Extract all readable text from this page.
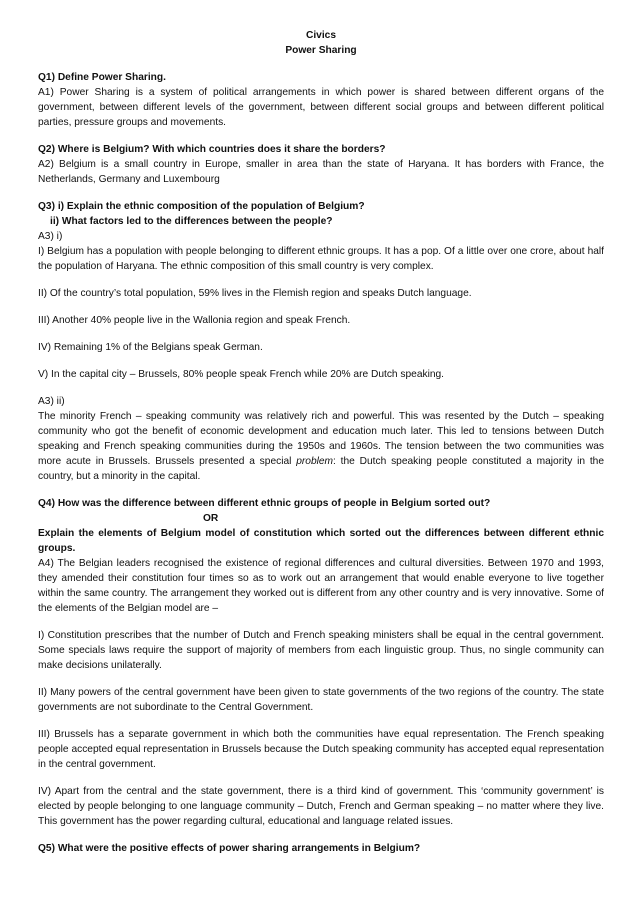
Civics

Power Sharing

Q1) Define Power Sharing.

A1) Power Sharing is a system of political arrangements in which power is shared between different organs of the government, between different levels of the government, between different social groups and between different political parties, pressure groups and movements.

Q2) Where is Belgium? With which countries does it share the borders?

A2) Belgium is a small country in Europe, smaller in area than the state of Haryana. It has borders with France, the Netherlands, Germany and Luxembourg

Q3) i) Explain the ethnic composition of the population of Belgium?

ii) What factors led to the differences between the people?

A3) i)

I) Belgium has a population with people belonging to different ethnic groups. It has a pop. Of a little over one crore, about half the population of Haryana. The ethnic composition of this small country is very complex.

II) Of the country’s total population, 59% lives in the Flemish region and speaks Dutch language.

III) Another 40% people live in the Wallonia region and speak French.

IV) Remaining 1% of the Belgians speak German.

V) In the capital city – Brussels, 80% people speak French while 20% are Dutch speaking.

A3) ii)

The minority French – speaking community was relatively rich and powerful. This was resented by the Dutch – speaking community who got the benefit of economic development and education much later. This led to tensions between Dutch speaking and French speaking communities during the 1950s and 1960s. The tension between the two communities was more acute in Brussels. Brussels presented a special problem: the Dutch speaking people constituted a majority in the country, but a minority in the capital.

Q4) How was the difference between different ethnic groups of people in Belgium sorted out?

OR

Explain the elements of Belgium model of constitution which sorted out the differences between different ethnic groups.

A4) The Belgian leaders recognised the existence of regional differences and cultural diversities. Between 1970 and 1993, they amended their constitution four times so as to work out an arrangement that would enable everyone to live together within the same country. The arrangement they worked out is different from any other country and is very innovative. Some of the elements of the Belgian model are –

I) Constitution prescribes that the number of Dutch and French speaking ministers shall be equal in the central government. Some specials laws require the support of majority of members from each linguistic group. Thus, no single community can make decisions unilaterally.

II) Many powers of the central government have been given to state governments of the two regions of the country. The state governments are not subordinate to the Central Government.

III) Brussels has a separate government in which both the communities have equal representation. The French speaking people accepted equal representation in Brussels because the Dutch speaking community has accepted equal representation in the central government.

IV) Apart from the central and the state government, there is a third kind of government. This ‘community government’ is elected by people belonging to one language community – Dutch, French and German speaking – no matter where they live. This government has the power regarding cultural, educational and language related issues.

Q5) What were the positive effects of power sharing arrangements in Belgium?
